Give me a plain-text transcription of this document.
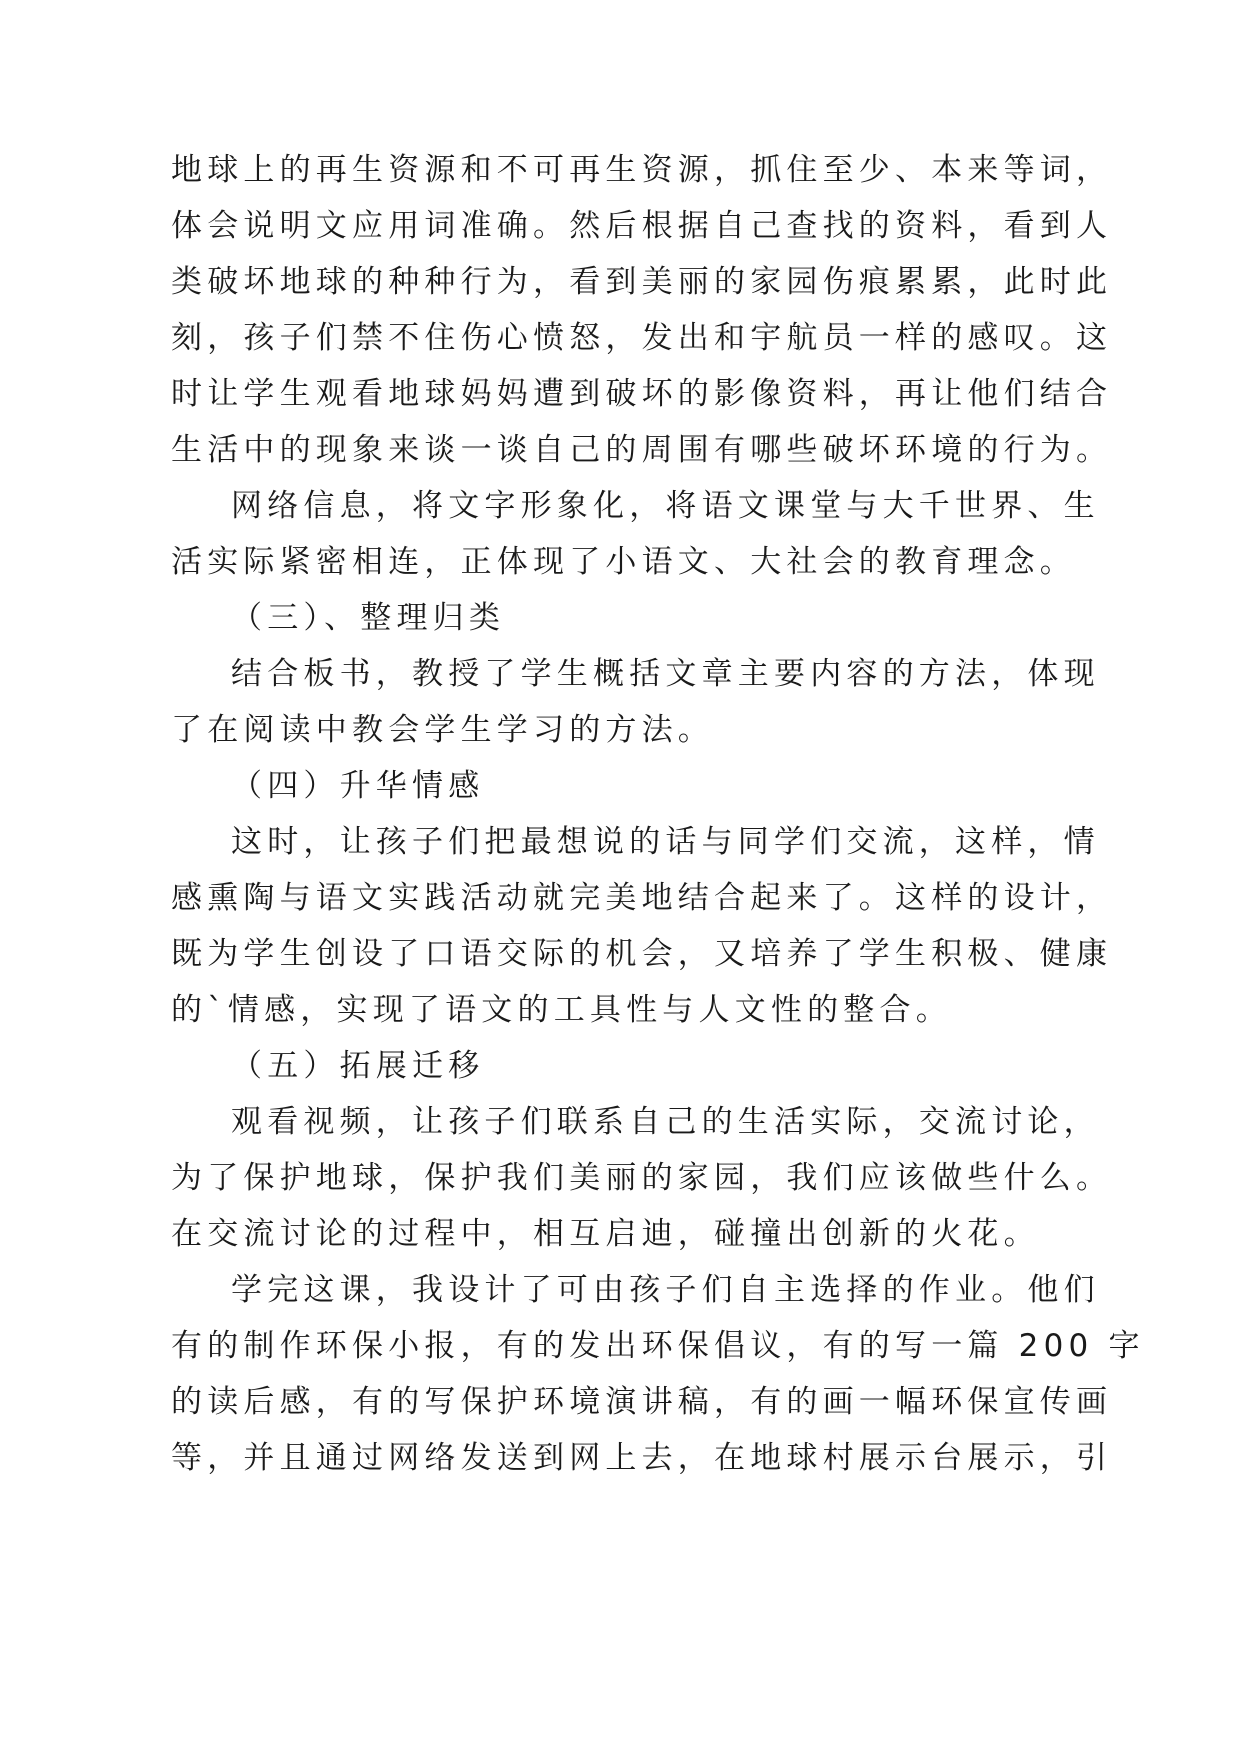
地球上的再生资源和不可再生资源，抓住至少、本来等词，
体会说明文应用词准确。然后根据自己查找的资料，看到人
类破坏地球的种种行为，看到美丽的家园伤痕累累，此时此
刻，孩子们禁不住伤心愤怒，发出和宇航员一样的感叹。这
时让学生观看地球妈妈遭到破坏的影像资料，再让他们结合
生活中的现象来谈一谈自己的周围有哪些破坏环境的行为。
网络信息，将文字形象化，将语文课堂与大千世界、生
活实际紧密相连，正体现了小语文、大社会的教育理念。
（三）、整理归类
结合板书，教授了学生概括文章主要内容的方法，体现
了在阅读中教会学生学习的方法。
（四）升华情感
这时，让孩子们把最想说的话与同学们交流，这样，情
感熏陶与语文实践活动就完美地结合起来了。这样的设计，
既为学生创设了口语交际的机会，又培养了学生积极、健康
的`情感，实现了语文的工具性与人文性的整合。
（五）拓展迁移
观看视频，让孩子们联系自己的生活实际，交流讨论，
为了保护地球，保护我们美丽的家园，我们应该做些什么。
在交流讨论的过程中，相互启迪，碰撞出创新的火花。
学完这课，我设计了可由孩子们自主选择的作业。他们
有的制作环保小报，有的发出环保倡议，有的写一篇 200 字
的读后感，有的写保护环境演讲稿，有的画一幅环保宣传画
等，并且通过网络发送到网上去，在地球村展示台展示，引
